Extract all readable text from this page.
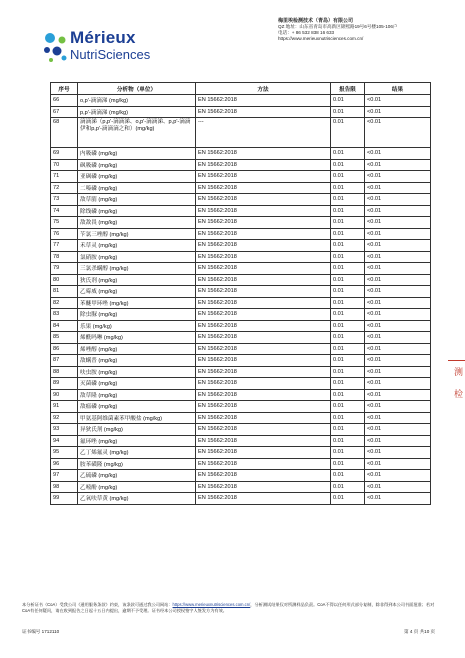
Mérieux
NutriSciences
梅里埃检测技术（青岛）有限公司
QZ 地址：山东省青岛市高新区锦熙路19号6号楼105-106户
电话：+ 86 532 838 16 633
https://www.merieuxnutrisciences.com.cn/
序号	分析物（单位）	方法	报告限	结果
66	o,p'-滴滴涕 (mg/kg)	EN 15662:2018	0.01	<0.01
67	p,p'-滴滴涕 (mg/kg)	EN 15662:2018	0.01	<0.01
68	滴滴涕（p,p'-滴滴涕、o,p'-滴滴涕、p,p'-滴滴伊和p,p'-滴滴滴之和）(mg/kg)	---	0.01	<0.01
69	内吸磷 (mg/kg)	EN 15662:2018	0.01	<0.01
70	砜吸磷 (mg/kg)	EN 15662:2018	0.01	<0.01
71	亚砜磷 (mg/kg)	EN 15662:2018	0.01	<0.01
72	二嗪磷 (mg/kg)	EN 15662:2018	0.01	<0.01
73	敌草腈 (mg/kg)	EN 15662:2018	0.01	<0.01
74	除线磷 (mg/kg)	EN 15662:2018	0.01	<0.01
75	敌敌畏 (mg/kg)	EN 15662:2018	0.01	<0.01
76	苄氯三唑醇 (mg/kg)	EN 15662:2018	0.01	<0.01
77	禾草灵 (mg/kg)	EN 15662:2018	0.01	<0.01
78	氯硝胺 (mg/kg)	EN 15662:2018	0.01	<0.01
79	三氯杀螨醇 (mg/kg)	EN 15662:2018	0.01	<0.01
80	狄氏剂 (mg/kg)	EN 15662:2018	0.01	<0.01
81	乙霉威 (mg/kg)	EN 15662:2018	0.01	<0.01
82	苯醚甲环唑 (mg/kg)	EN 15662:2018	0.01	<0.01
83	除虫脲 (mg/kg)	EN 15662:2018	0.01	<0.01
84	乐果 (mg/kg)	EN 15662:2018	0.01	<0.01
85	烯酰吗啉 (mg/kg)	EN 15662:2018	0.01	<0.01
86	烯唑醇 (mg/kg)	EN 15662:2018	0.01	<0.01
87	敌螨普 (mg/kg)	EN 15662:2018	0.01	<0.01
88	呋虫胺 (mg/kg)	EN 15662:2018	0.01	<0.01
89	灭菌磷 (mg/kg)	EN 15662:2018	0.01	<0.01
90	敌草隆 (mg/kg)	EN 15662:2018	0.01	<0.01
91	敌瘟磷 (mg/kg)	EN 15662:2018	0.01	<0.01
92	甲氨基阿维菌素苯甲酸盐 (mg/kg)	EN 15662:2018	0.01	<0.01
93	异狄氏剂 (mg/kg)	EN 15662:2018	0.01	<0.01
94	氟环唑 (mg/kg)	EN 15662:2018	0.01	<0.01
95	乙丁烯氟灵 (mg/kg)	EN 15662:2018	0.01	<0.01
96	胺苯磺隆 (mg/kg)	EN 15662:2018	0.01	<0.01
97	乙硫磷 (mg/kg)	EN 15662:2018	0.01	<0.01
98	乙嘧酚 (mg/kg)	EN 15662:2018	0.01	<0.01
99	乙氧呋草黄 (mg/kg)	EN 15662:2018	0.01	<0.01
测
检
本分析证书（CoA）受我公司《通用服务条款》约束，该条款可通过我公司网站：https://www.merieuxnutrisciences.com.cn/，分析测试结果仅对所测样品负责。CoA不得以任何形式部分复制，除非得到本公司书面批准；若对CoA有任何疑问，请在收到报告之日起十五日内提出，逾期不予受理。证书经本公司授权签字人签发方为有效。
证书编号 1712110	第 4 页 共10 页
